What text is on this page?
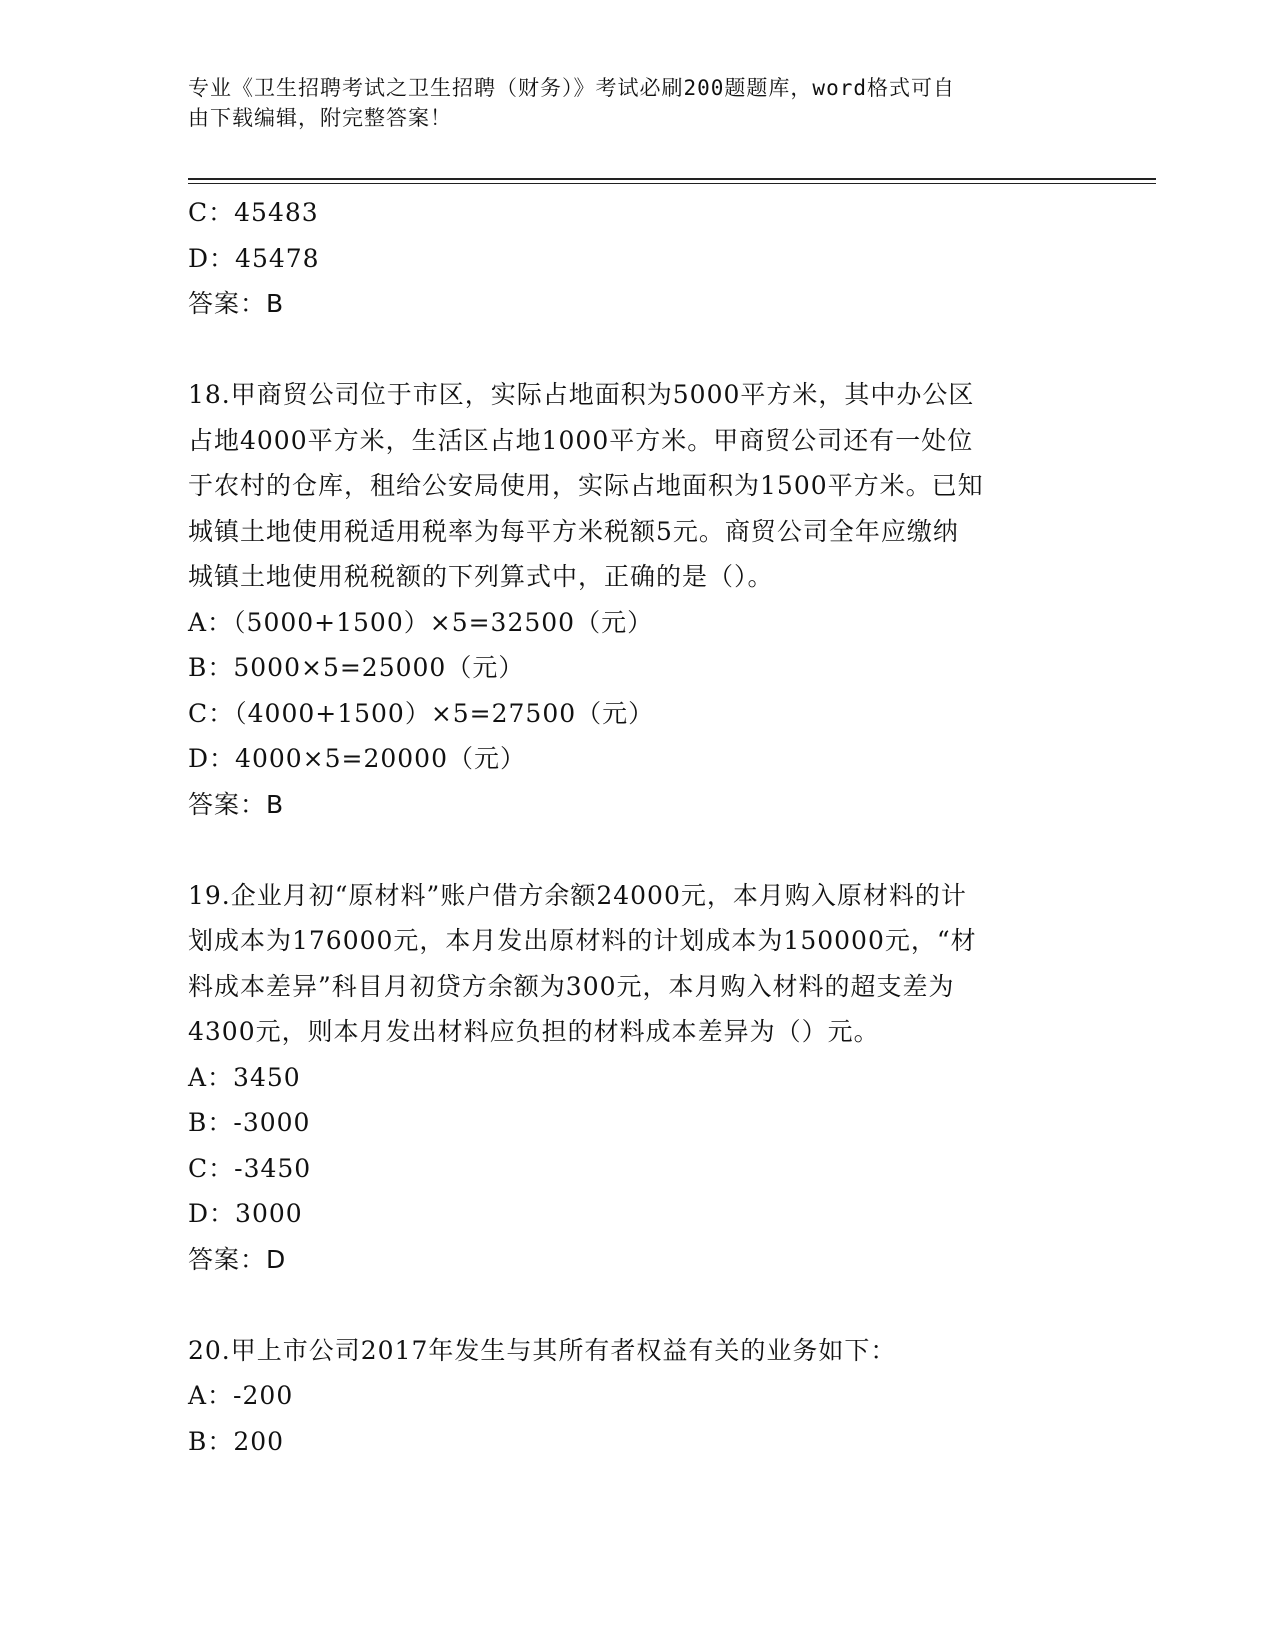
专业《卫生招聘考试之卫生招聘（财务）》考试必刷200题题库，word格式可自
由下载编辑，附完整答案！
C：45483
D：45478
答案：B
18.甲商贸公司位于市区，实际占地面积为5000平方米，其中办公区
占地4000平方米，生活区占地1000平方米。甲商贸公司还有一处位
于农村的仓库，租给公安局使用，实际占地面积为1500平方米。已知
城镇土地使用税适用税率为每平方米税额5元。商贸公司全年应缴纳
城镇土地使用税税额的下列算式中，正确的是（）。
A：（5000+1500）×5=32500（元）
B：5000×5=25000（元）
C：（4000+1500）×5=27500（元）
D：4000×5=20000（元）
答案：B
19.企业月初“原材料”账户借方余额24000元，本月购入原材料的计
划成本为176000元，本月发出原材料的计划成本为150000元，“材
料成本差异”科目月初贷方余额为300元，本月购入材料的超支差为
4300元，则本月发出材料应负担的材料成本差异为（）元。
A：3450
B：-3000
C：-3450
D：3000
答案：D
20.甲上市公司2017年发生与其所有者权益有关的业务如下：
A：-200
B：200
